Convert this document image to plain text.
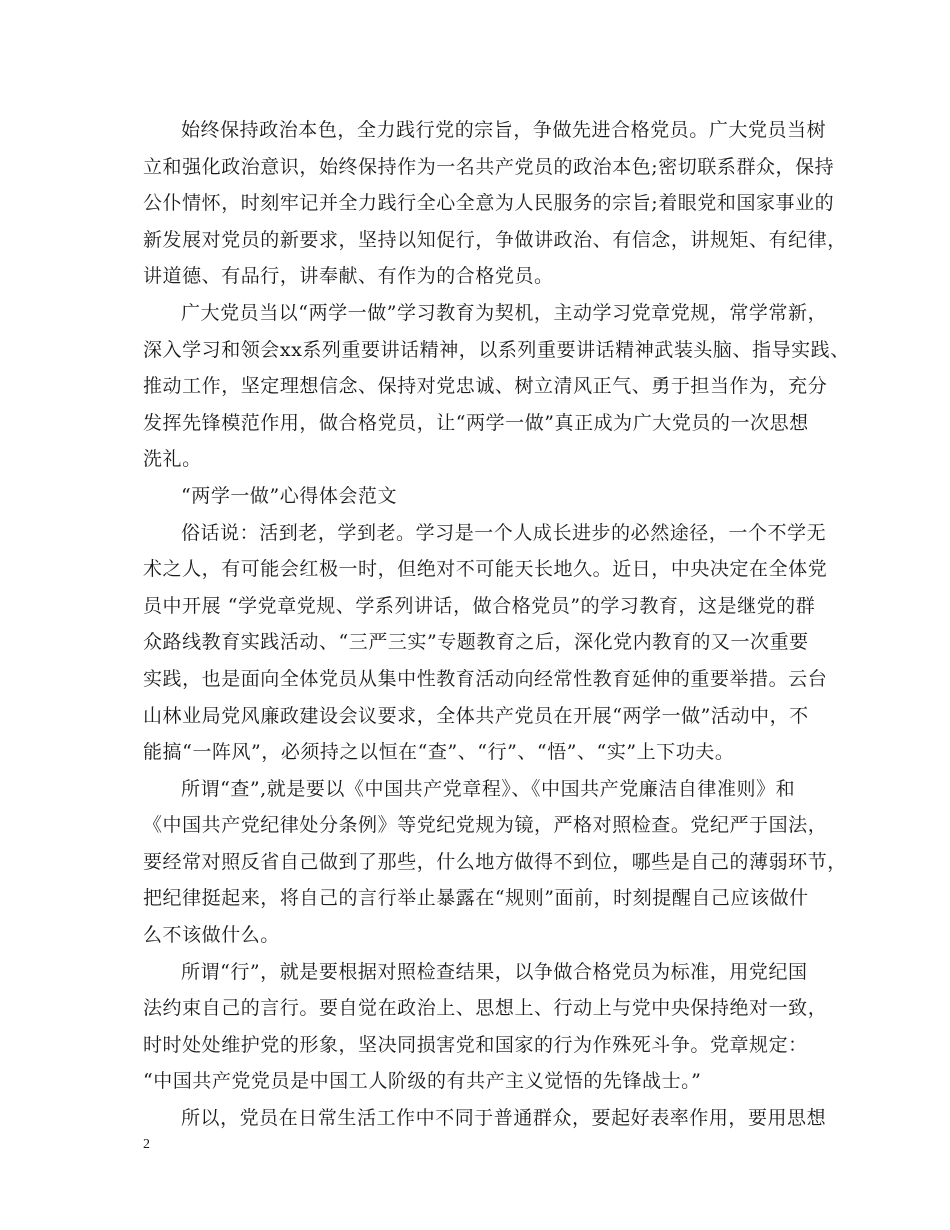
始终保持政治本色，全力践行党的宗旨，争做先进合格党员。广大党员当树
立和强化政治意识，始终保持作为一名共产党员的政治本色;密切联系群众，保持
公仆情怀，时刻牢记并全力践行全心全意为人民服务的宗旨;着眼党和国家事业的
新发展对党员的新要求，坚持以知促行，争做讲政治、有信念，讲规矩、有纪律，
讲道德、有品行，讲奉献、有作为的合格党员。
广大党员当以“两学一做”学习教育为契机，主动学习党章党规，常学常新，
深入学习和领会xx系列重要讲话精神，以系列重要讲话精神武装头脑、指导实践、
推动工作，坚定理想信念、保持对党忠诚、树立清风正气、勇于担当作为，充分
发挥先锋模范作用，做合格党员，让“两学一做”真正成为广大党员的一次思想
洗礼。
“两学一做”心得体会范文
俗话说：活到老，学到老。学习是一个人成长进步的必然途径，一个不学无
术之人，有可能会红极一时，但绝对不可能天长地久。近日，中央决定在全体党
员中开展 “学党章党规、学系列讲话，做合格党员”的学习教育，这是继党的群
众路线教育实践活动、“三严三实”专题教育之后，深化党内教育的又一次重要
实践，也是面向全体党员从集中性教育活动向经常性教育延伸的重要举措。云台
山林业局党风廉政建设会议要求，全体共产党员在开展“两学一做”活动中，不
能搞“一阵风”，必须持之以恒在“查”、“行”、“悟”、“实”上下功夫。
所谓“查”,就是要以《中国共产党章程》、《中国共产党廉洁自律准则》和
《中国共产党纪律处分条例》等党纪党规为镜，严格对照检查。党纪严于国法，
要经常对照反省自己做到了那些，什么地方做得不到位，哪些是自己的薄弱环节，
把纪律挺起来，将自己的言行举止暴露在“规则”面前，时刻提醒自己应该做什
么不该做什么。
所谓“行”，就是要根据对照检查结果，以争做合格党员为标准，用党纪国
法约束自己的言行。要自觉在政治上、思想上、行动上与党中央保持绝对一致，
时时处处维护党的形象，坚决同损害党和国家的行为作殊死斗争。党章规定：
“中国共产党党员是中国工人阶级的有共产主义觉悟的先锋战士。”
所以，党员在日常生活工作中不同于普通群众，要起好表率作用，要用思想
2
